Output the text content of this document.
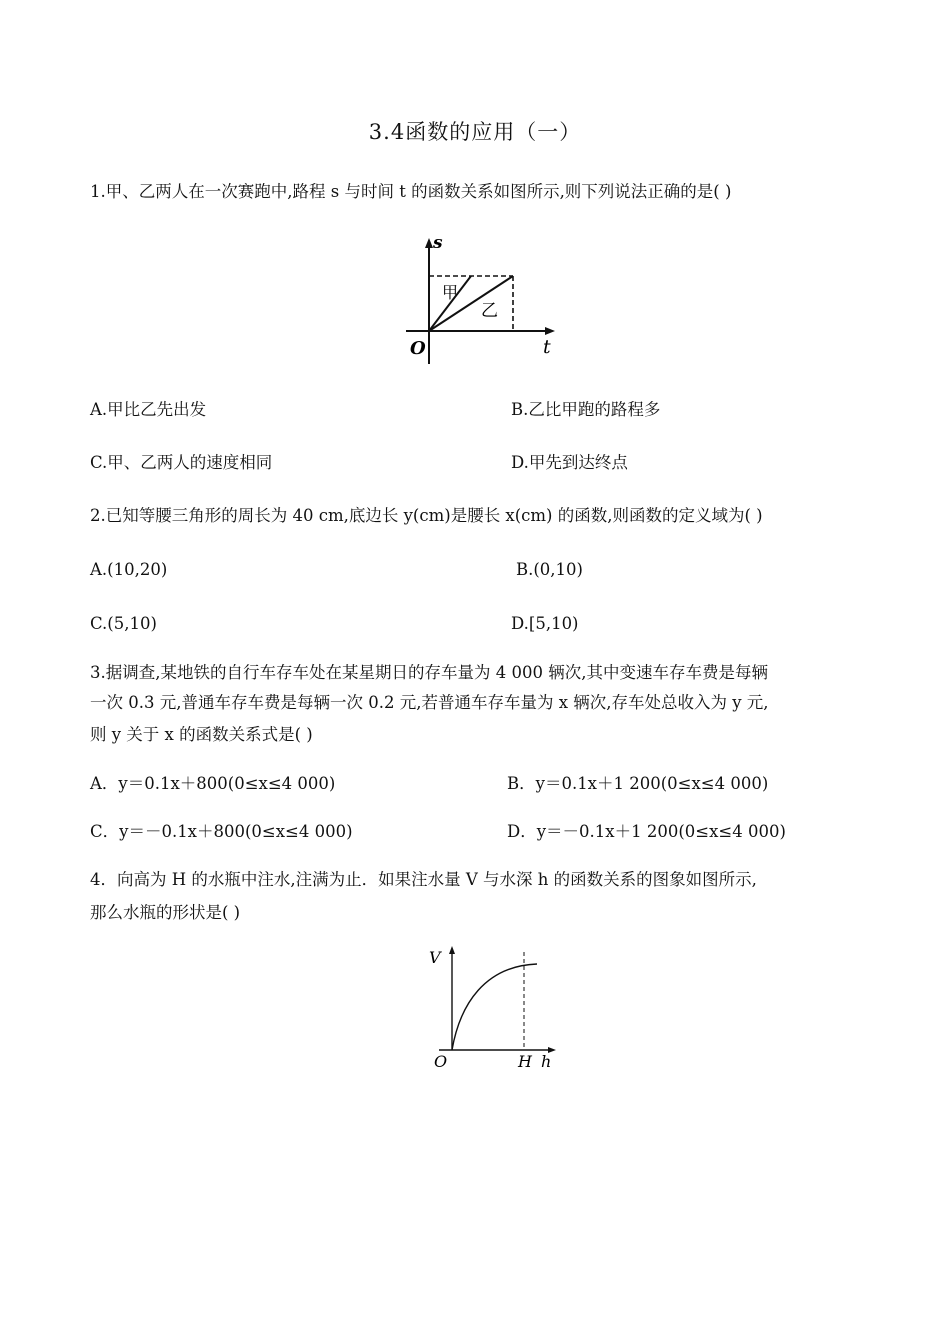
3.4函数的应用（一）
1.甲、乙两人在一次赛跑中,路程 s 与时间 t 的函数关系如图所示,则下列说法正确的是( )
s
t
O
甲
乙
A.甲比乙先出发	B.乙比甲跑的路程多
C.甲、乙两人的速度相同	D.甲先到达终点
2.已知等腰三角形的周长为 40 cm,底边长 y(cm)是腰长 x(cm) 的函数,则函数的定义域为( )
A.(10,20)	B.(0,10)
C.(5,10)	D.[5,10)
3.据调查,某地铁的自行车存车处在某星期日的存车量为 4 000 辆次,其中变速车存车费是每辆
一次 0.3 元,普通车存车费是每辆一次 0.2 元,若普通车存车量为 x 辆次,存车处总收入为 y 元,
则 y 关于 x 的函数关系式是( )
A．y＝0.1x＋800(0≤x≤4 000)	B．y＝0.1x＋1 200(0≤x≤4 000)
C．y＝－0.1x＋800(0≤x≤4 000)	D．y＝－0.1x＋1 200(0≤x≤4 000)
4．向高为 H 的水瓶中注水,注满为止．如果注水量 V 与水深 h 的函数关系的图象如图所示,
那么水瓶的形状是( )
V
h
O	H
